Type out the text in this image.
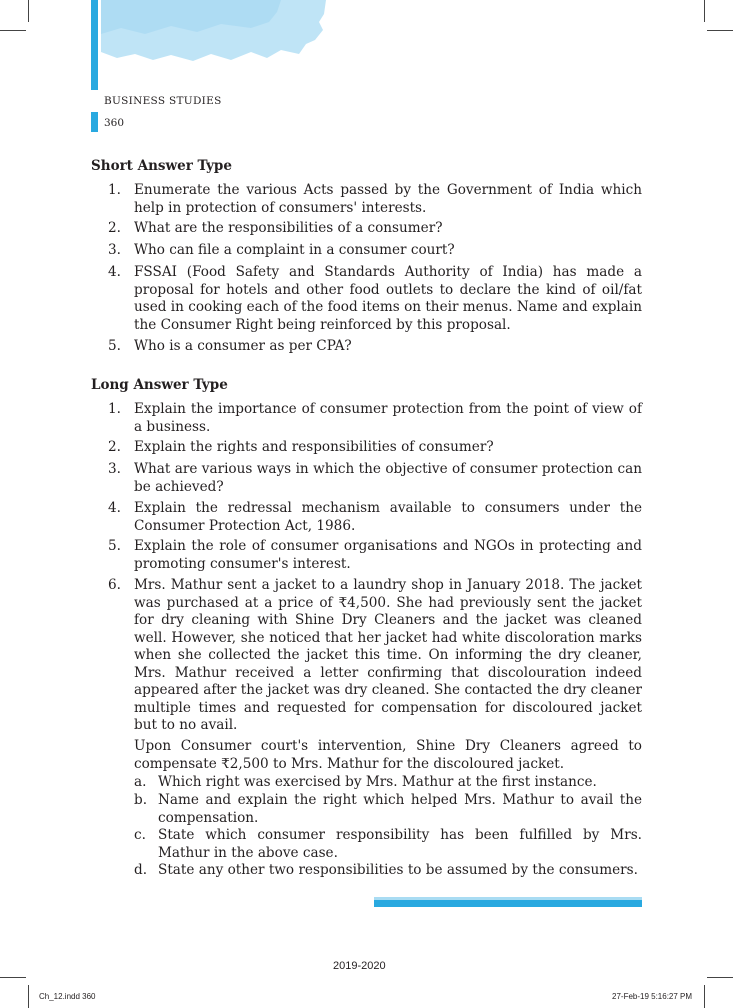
BUSINESS STUDIES
360
Short Answer Type
1. Enumerate the various Acts passed by the Government of India which help in protection of consumers' interests.
2. What are the responsibilities of a consumer?
3. Who can file a complaint in a consumer court?
4. FSSAI (Food Safety and Standards Authority of India) has made a proposal for hotels and other food outlets to declare the kind of oil/fat used in cooking each of the food items on their menus. Name and explain the Consumer Right being reinforced by this proposal.
5. Who is a consumer as per CPA?
Long Answer Type
1. Explain the importance of consumer protection from the point of view of a business.
2. Explain the rights and responsibilities of consumer?
3. What are various ways in which the objective of consumer protection can be achieved?
4. Explain the redressal mechanism available to consumers under the Consumer Protection Act, 1986.
5. Explain the role of consumer organisations and NGOs in protecting and promoting consumer's interest.
6. Mrs. Mathur sent a jacket to a laundry shop in January 2018. The jacket was purchased at a price of ₹4,500. She had previously sent the jacket for dry cleaning with Shine Dry Cleaners and the jacket was cleaned well. However, she noticed that her jacket had white discoloration marks when she collected the jacket this time. On informing the dry cleaner, Mrs. Mathur received a letter confirming that discolouration indeed appeared after the jacket was dry cleaned. She contacted the dry cleaner multiple times and requested for compensation for discoloured jacket but to no avail.
Upon Consumer court's intervention, Shine Dry Cleaners agreed to compensate ₹2,500 to Mrs. Mathur for the discoloured jacket.
a. Which right was exercised by Mrs. Mathur at the first instance.
b. Name and explain the right which helped Mrs. Mathur to avail the compensation.
c. State which consumer responsibility has been fulfilled by Mrs. Mathur in the above case.
d. State any other two responsibilities to be assumed by the consumers.
2019-2020
Ch_12.indd 360	27-Feb-19 5:16:27 PM
